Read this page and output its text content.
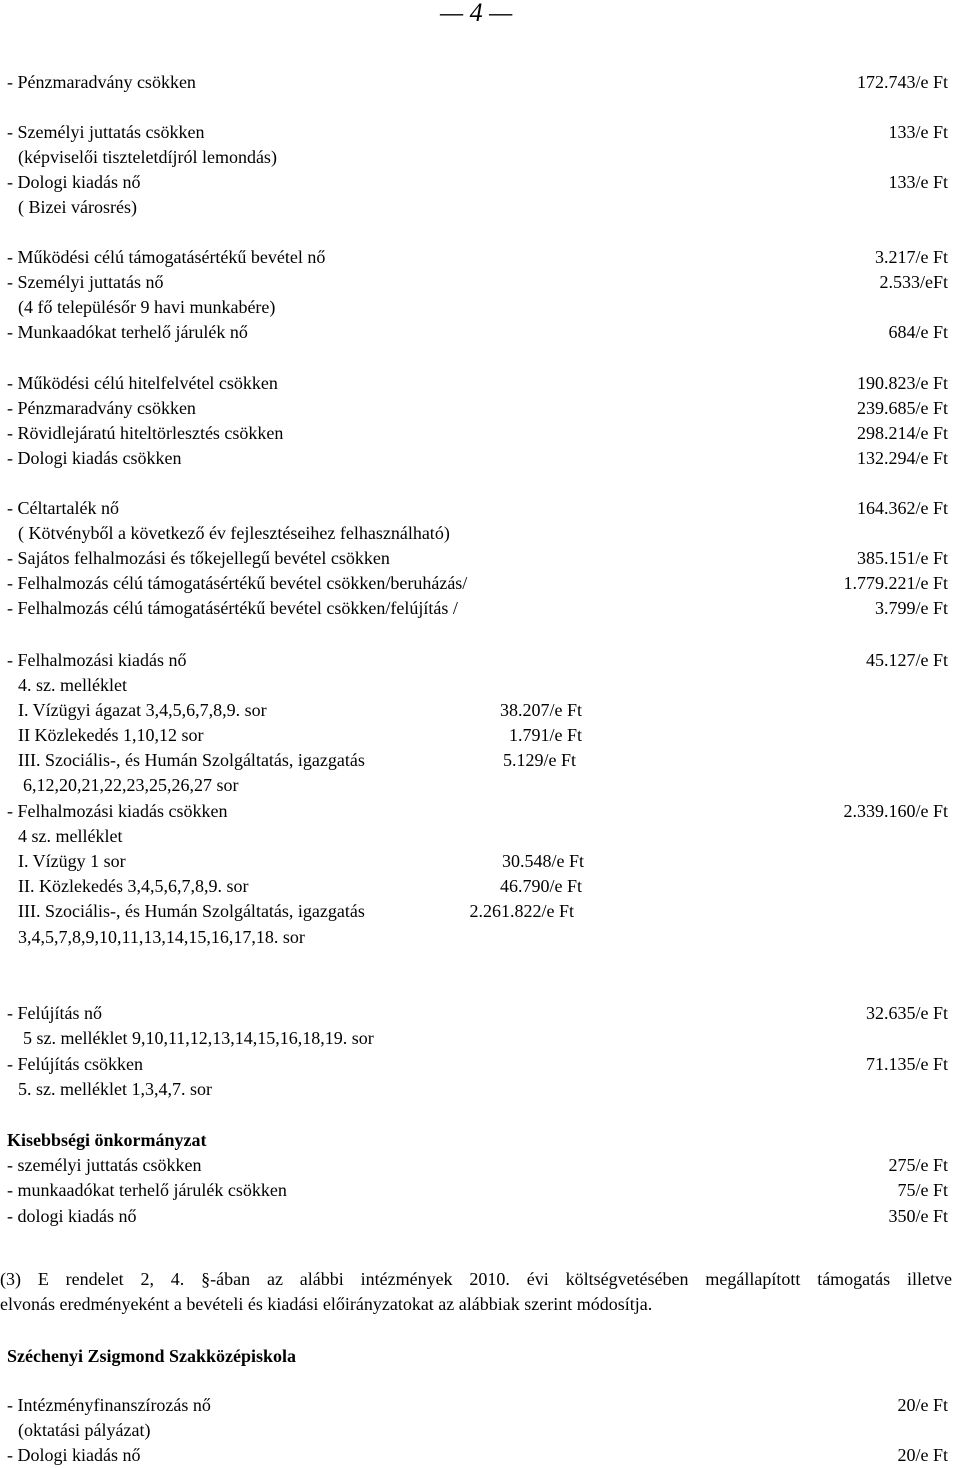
— 4 —
- Pénzmaradvány csökken	172.743/e Ft
- Személyi juttatás csökken	133/e Ft
(képviselői tiszteletdíjról lemondás)
- Dologi kiadás nő	133/e Ft
( Bizei városrés)
- Működési célú támogatásértékű bevétel nő	3.217/e Ft
- Személyi juttatás nő	2.533/eFt
(4 fő településőr 9 havi munkabére)
- Munkaadókat terhelő járulék nő	684/e Ft
- Működési célú hitelfelvétel csökken	190.823/e Ft
- Pénzmaradvány csökken	239.685/e Ft
- Rövidlejáratú hiteltörlesztés csökken	298.214/e Ft
- Dologi kiadás csökken	132.294/e Ft
- Céltartalék nő	164.362/e Ft
( Kötvényből a következő év fejlesztéseihez felhasználható)
- Sajátos felhalmozási és tőkejellegű bevétel csökken	385.151/e Ft
- Felhalmozás célú támogatásértékű bevétel csökken/beruházás/	1.779.221/e Ft
- Felhalmozás célú támogatásértékű bevétel csökken/felújítás /	3.799/e Ft
- Felhalmozási kiadás nő	45.127/e Ft
4. sz. melléklet
I. Vízügyi ágazat 3,4,5,6,7,8,9. sor	38.207/e Ft
II Közlekedés 1,10,12 sor	1.791/e Ft
III. Szociális-, és Humán Szolgáltatás, igazgatás	5.129/e Ft
6,12,20,21,22,23,25,26,27 sor
- Felhalmozási kiadás csökken	2.339.160/e Ft
4 sz. melléklet
I. Vízügy 1 sor	30.548/e Ft
II. Közlekedés 3,4,5,6,7,8,9. sor	46.790/e Ft
III. Szociális-, és Humán Szolgáltatás, igazgatás	2.261.822/e Ft
3,4,5,7,8,9,10,11,13,14,15,16,17,18. sor
- Felújítás nő	32.635/e Ft
5 sz. melléklet 9,10,11,12,13,14,15,16,18,19. sor
- Felújítás csökken	71.135/e Ft
5. sz. melléklet 1,3,4,7. sor
Kisebbségi önkormányzat
- személyi juttatás csökken	275/e Ft
- munkaadókat terhelő járulék csökken	75/e Ft
- dologi kiadás nő	350/e Ft
(3) E rendelet 2, 4. §-ában az alábbi intézmények 2010. évi költségvetésében megállapított támogatás illetve
elvonás eredményeként a bevételi és kiadási előirányzatokat az alábbiak szerint módosítja.
Széchenyi Zsigmond Szakközépiskola
- Intézményfinanszírozás nő	20/e Ft
(oktatási pályázat)
- Dologi kiadás nő	20/e Ft
